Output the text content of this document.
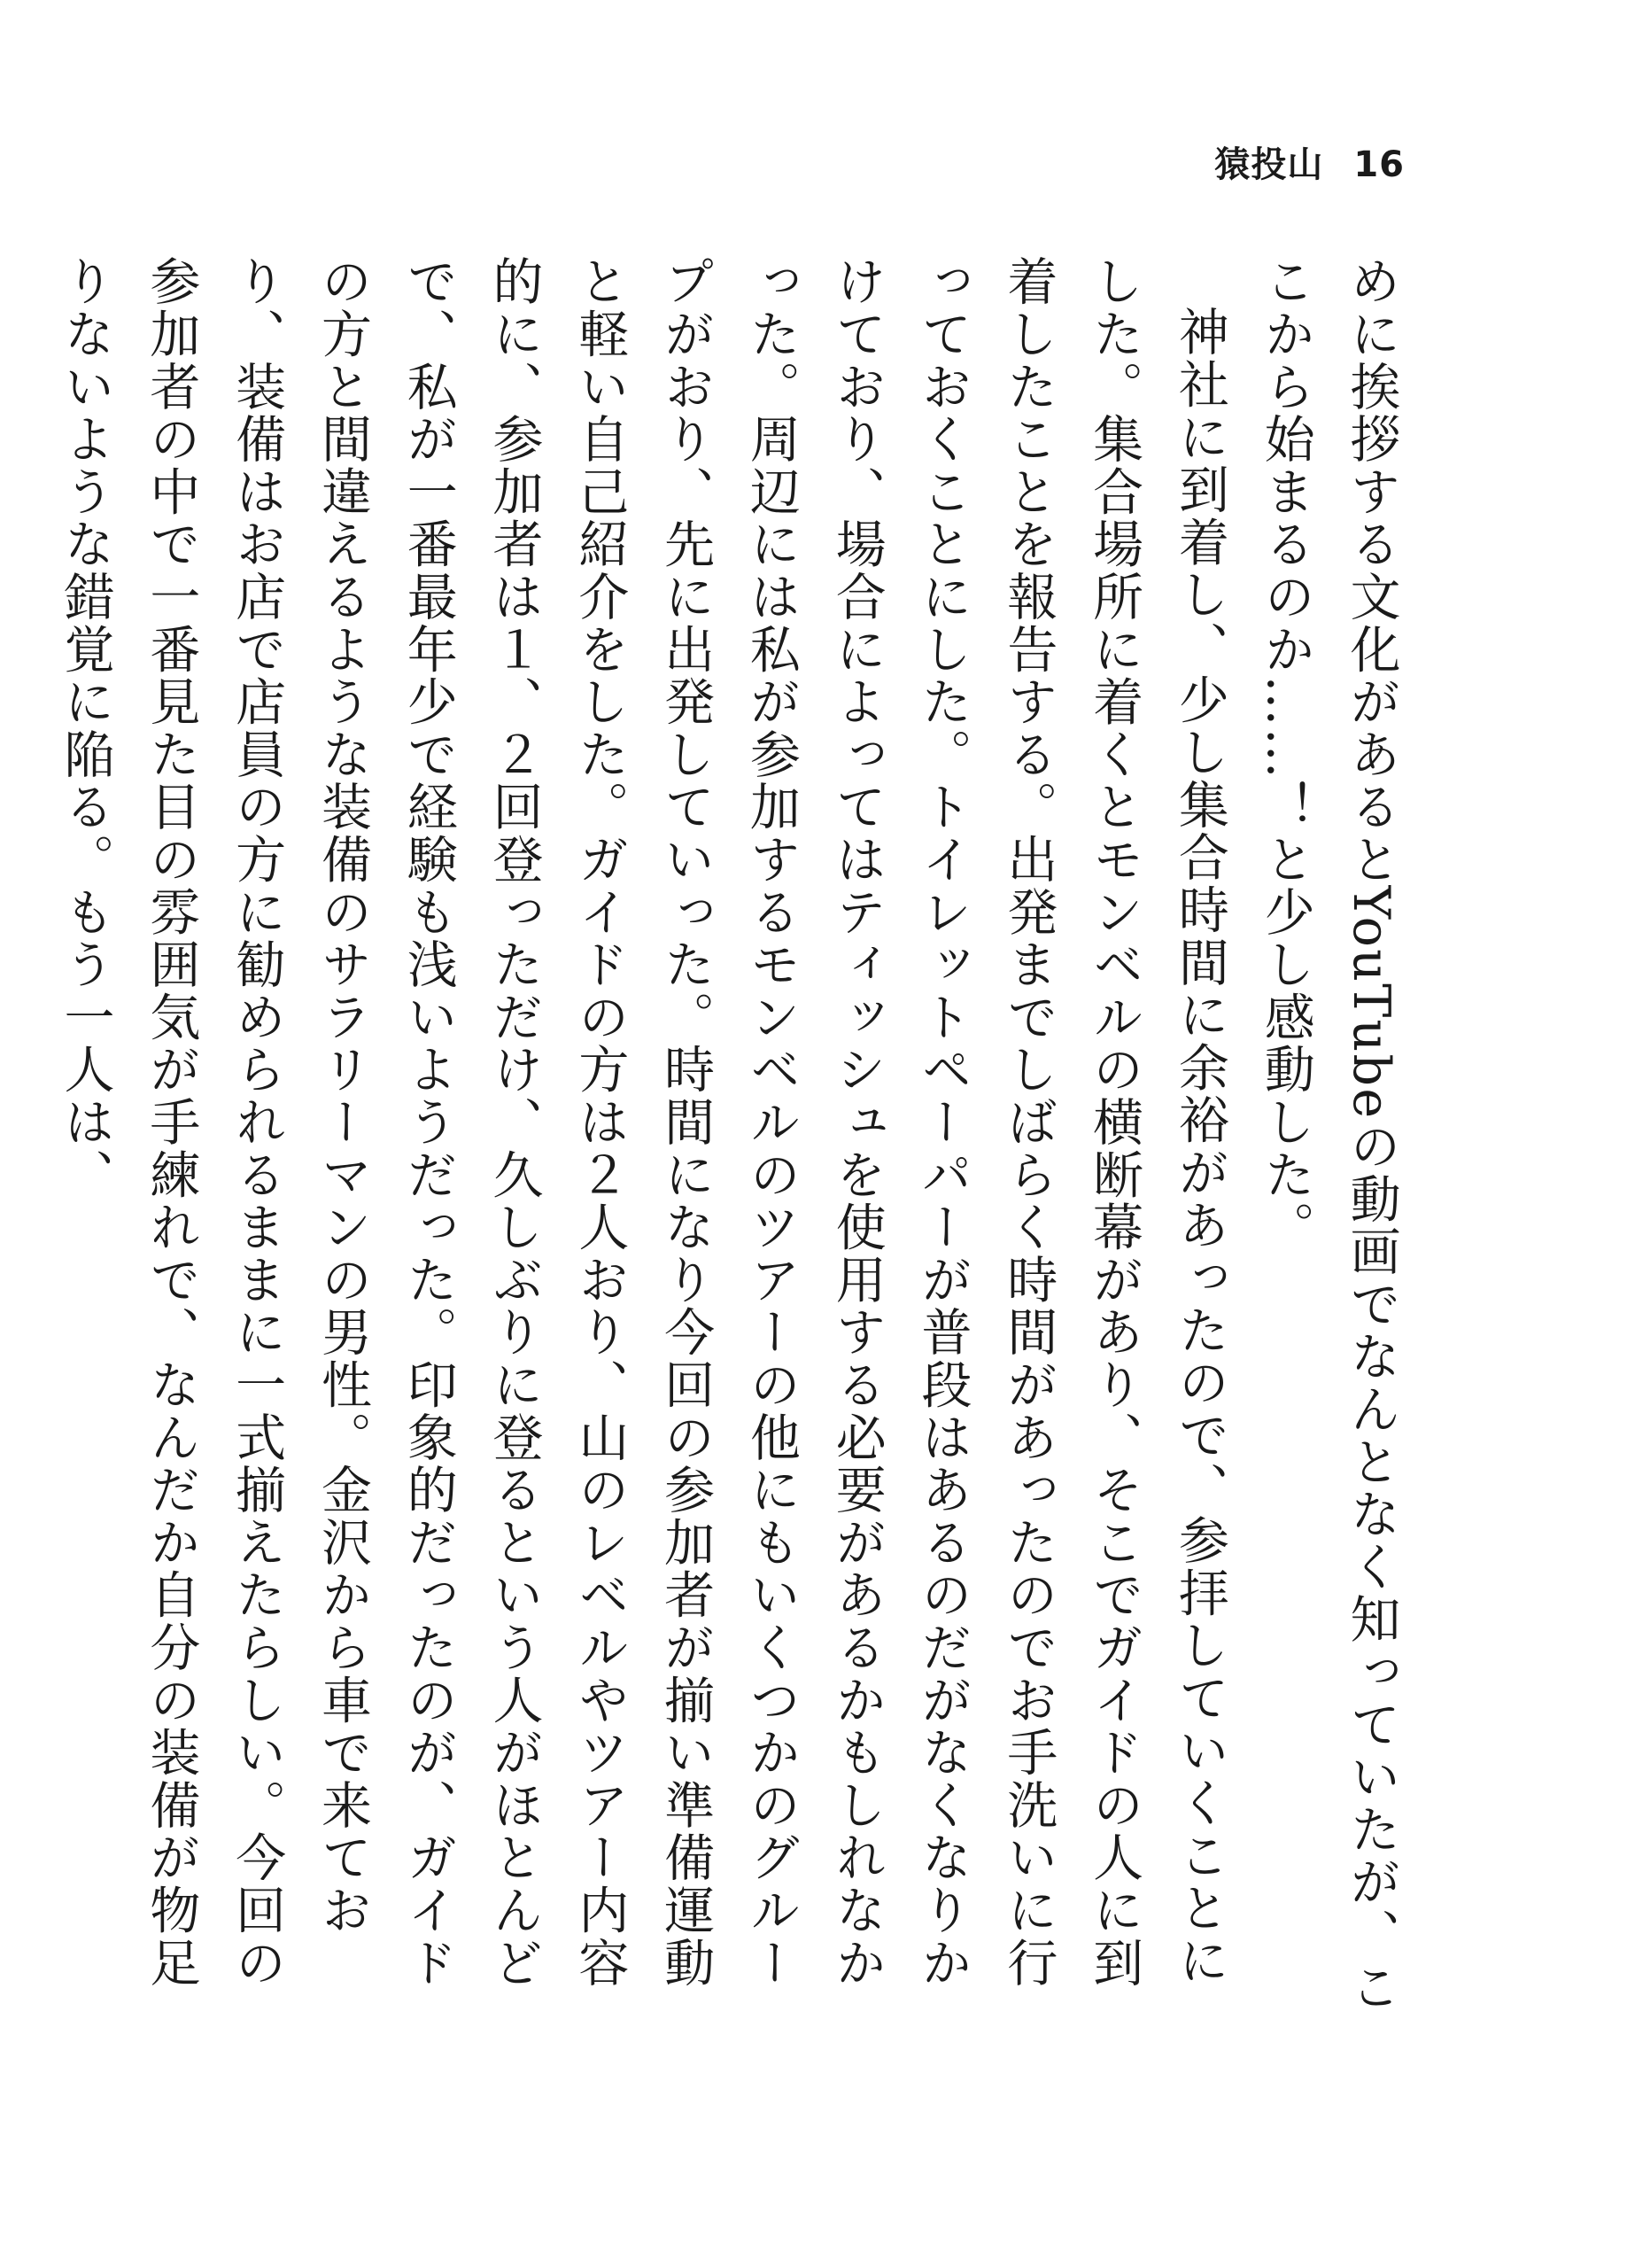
猿投山 16

めに挨拶する文化があるとYouTubeの動画でなんとなく知っていたが、ここから始まるのか……！と少し感動した。

神社に到着し、少し集合時間に余裕があったので、参拝していくことにした。集合場所に着くとモンベルの横断幕があり、そこでガイドの人に到着したことを報告する。出発までしばらく時間があったのでお手洗いに行っておくことにした。トイレットペーパーが普段はあるのだがなくなりかけており、場合によってはティッシュを使用する必要があるかもしれなかった。周辺には私が参加するモンベルのツアーの他にもいくつかのグループがおり、先に出発していった。時間になり今回の参加者が揃い準備運動と軽い自己紹介をした。ガイドの方は２人おり、山のレベルやツアー内容的に、参加者は１、２回登っただけ、久しぶりに登るという人がほとんどで、私が一番最年少で経験も浅いようだった。印象的だったのが、ガイドの方と間違えるような装備のサラリーマンの男性。金沢から車で来ており、装備はお店で店員の方に勧められるままに一式揃えたらしい。今回の参加者の中で一番見た目の雰囲気が手練れで、なんだか自分の装備が物足りないような錯覚に陥る。もう一人は、
